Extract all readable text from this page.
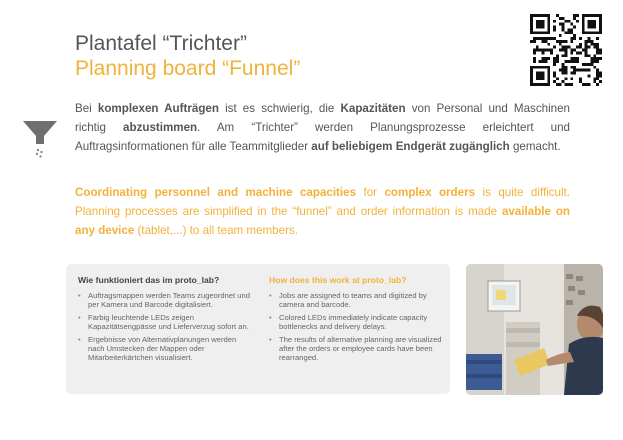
Plantafel “Trichter”
Planning board “Funnel”
Bei komplexen Aufträgen ist es schwierig, die Kapazitäten von Personal und Maschinen richtig abzustimmen. Am “Trichter” werden Planungsprozesse erleichtert und Auftragsinformationen für alle Teammitglieder auf beliebigem Endgerät zugänglich gemacht.
Coordinating personnel and machine capacities for complex orders is quite difficult. Planning processes are simplified in the “funnel” and order information is made available on any device (tablet,...) to all team members.
Wie funktioniert das im proto_lab?
• Auftragsmappen werden Teams zugeordnet und per Kamera und Barcode digitalisiert.
• Farbig leuchtende LEDs zeigen Kapazitätsengpässe und Lieferverzug sofort an.
• Ergebnisse von Alternativplanungen werden nach Umstecken der Mappen oder Mitarbeiterkärtchen visualisiert.
How does this work at proto_lab?
• Jobs are assigned to teams and digitized by camera and barcode.
• Colored LEDs immediately indicate capacity bottlenecks and delivery delays.
• The results of alternative planning are visualized after the orders or employee cards have been rearranged.
